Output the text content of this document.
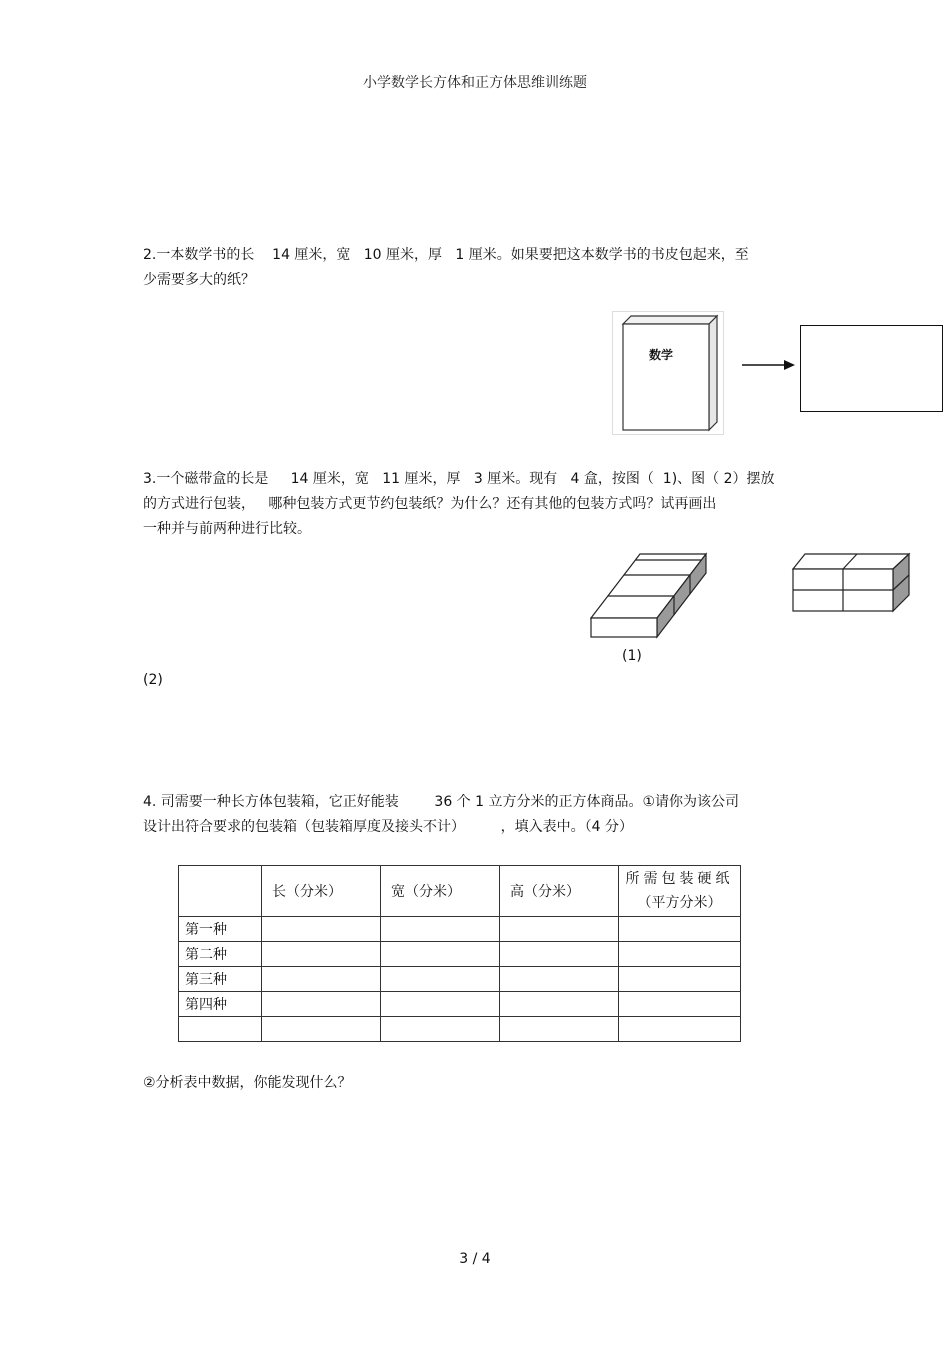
小学数学长方体和正方体思维训练题
2.一本数学书的长    14 厘米，宽   10 厘米，厚   1 厘米。如果要把这本数学书的书皮包起来，至
少需要多大的纸？
数学
3.一个磁带盒的长是     14 厘米，宽   11 厘米，厚   3 厘米。现有   4 盒，按图（  1)、图（ 2）摆放
的方式进行包装，   哪种包装方式更节约包装纸？为什么？还有其他的包装方式吗？试再画出
一种并与前两种进行比较。
(1)
(2)
4. 司需要一种长方体包装箱，它正好能装        36 个 1 立方分米的正方体商品。①请你为该公司
设计出符合要求的包装箱（包装箱厚度及接头不计）        ，填入表中。（4 分）
	长（分米）	宽（分米）	高（分米）	所需包装硬纸
（平方分米）

第一种				
第二种				
第三种				
第四种				

②分析表中数据，你能发现什么？
3 / 4
